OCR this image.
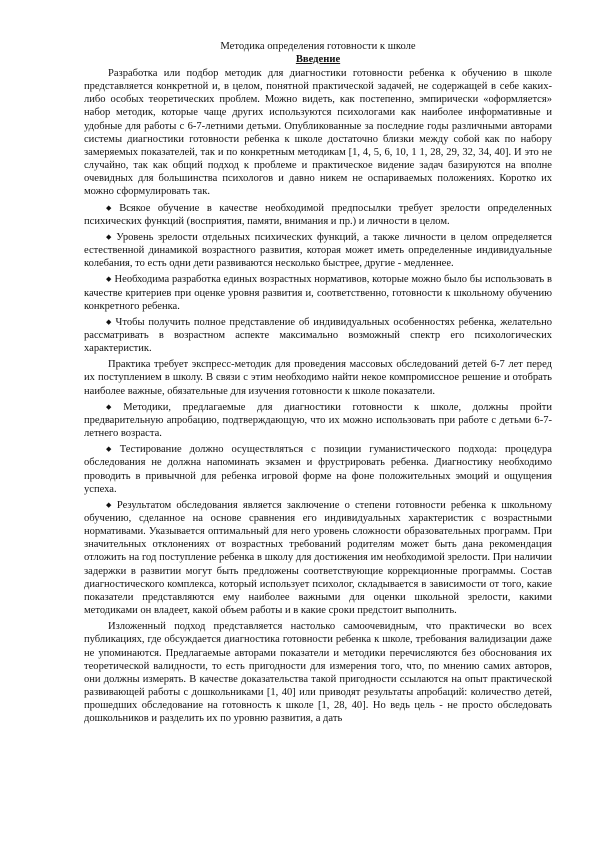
Методика определения готовности к школе

Введение

Разработка или подбор методик для диагностики готовности ребенка к обучению в школе представляется конкретной и, в целом, понятной практической задачей, не содержащей в себе каких-либо особых теоретических проблем. Можно видеть, как постепенно, эмпирически «оформляется» набор методик, которые чаще других используются психологами как наиболее информативные и удобные для работы с 6-7-летними детьми. Опубликованные за последние годы различными авторами системы диагностики готовности ребенка к школе достаточно близки между собой как по набору замеряемых показателей, так и по конкретным методикам [1, 4, 5, 6, 10, 1 1, 28, 29, 32, 34, 40]. И это не случайно, так как общий подход к проблеме и практическое видение задач базируются на вполне очевидных для большинства психологов и давно никем не оспариваемых положениях. Коротко их можно сформулировать так.

◆ Всякое обучение в качестве необходимой предпосылки требует зрелости определенных психических функций (восприятия, памяти, внимания и пр.) и личности в целом.

◆ Уровень зрелости отдельных психических функций, а также личности в целом определяется естественной динамикой возрастного развития, которая может иметь определенные индивидуальные колебания, то есть одни дети развиваются несколько быстрее, другие - медленнее.

◆ Необходима разработка единых возрастных нормативов, которые можно было бы использовать в качестве критериев при оценке уровня развития и, соответственно, готовности к школьному обучению конкретного ребенка.

◆ Чтобы получить полное представление об индивидуальных особенностях ребенка, желательно рассматривать в возрастном аспекте максимально возможный спектр его психологических характеристик.

Практика требует экспресс-методик для проведения массовых обследований детей 6-7 лет перед их поступлением в школу. В связи с этим необходимо найти некое компромиссное решение и отобрать наиболее важные, обязательные для изучения готовности к школе показатели.

◆ Методики, предлагаемые для диагностики готовности к школе, должны пройти предварительную апробацию, подтверждающую, что их можно использовать при работе с детьми 6-7-летнего возраста.

◆ Тестирование должно осуществляться с позиции гуманистического подхода: процедура обследования не должна напоминать экзамен и фрустрировать ребенка. Диагностику необходимо проводить в привычной для ребенка игровой форме на фоне положительных эмоций и ощущения успеха.

◆ Результатом обследования является заключение о степени готовности ребенка к школьному обучению, сделанное на основе сравнения его индивидуальных характеристик с возрастными нормативами. Указывается оптимальный для него уровень сложности образовательных программ. При значительных отклонениях от возрастных требований родителям может быть дана рекомендация отложить на год поступление ребенка в школу для достижения им необходимой зрелости. При наличии задержки в развитии могут быть предложены соответствующие коррекционные программы. Состав диагностического комплекса, который использует психолог, складывается в зависимости от того, какие показатели представляются ему наиболее важными для оценки школьной зрелости, какими методиками он владеет, какой объем работы и в какие сроки предстоит выполнить.

Изложенный подход представляется настолько самоочевидным, что практически во всех публикациях, где обсуждается диагностика готовности ребенка к школе, требования валидизации даже не упоминаются. Предлагаемые авторами показатели и методики перечисляются без обоснования их теоретической валидности, то есть пригодности для измерения того, что, по мнению самих авторов, они должны измерять. В качестве доказательства такой пригодности ссылаются на опыт практической развивающей работы с дошкольниками [1, 40] или приводят результаты апробаций: количество детей, прошедших обследование на готовность к школе [1, 28, 40]. Но ведь цель - не просто обследовать дошкольников и разделить их по уровню развития, а дать
